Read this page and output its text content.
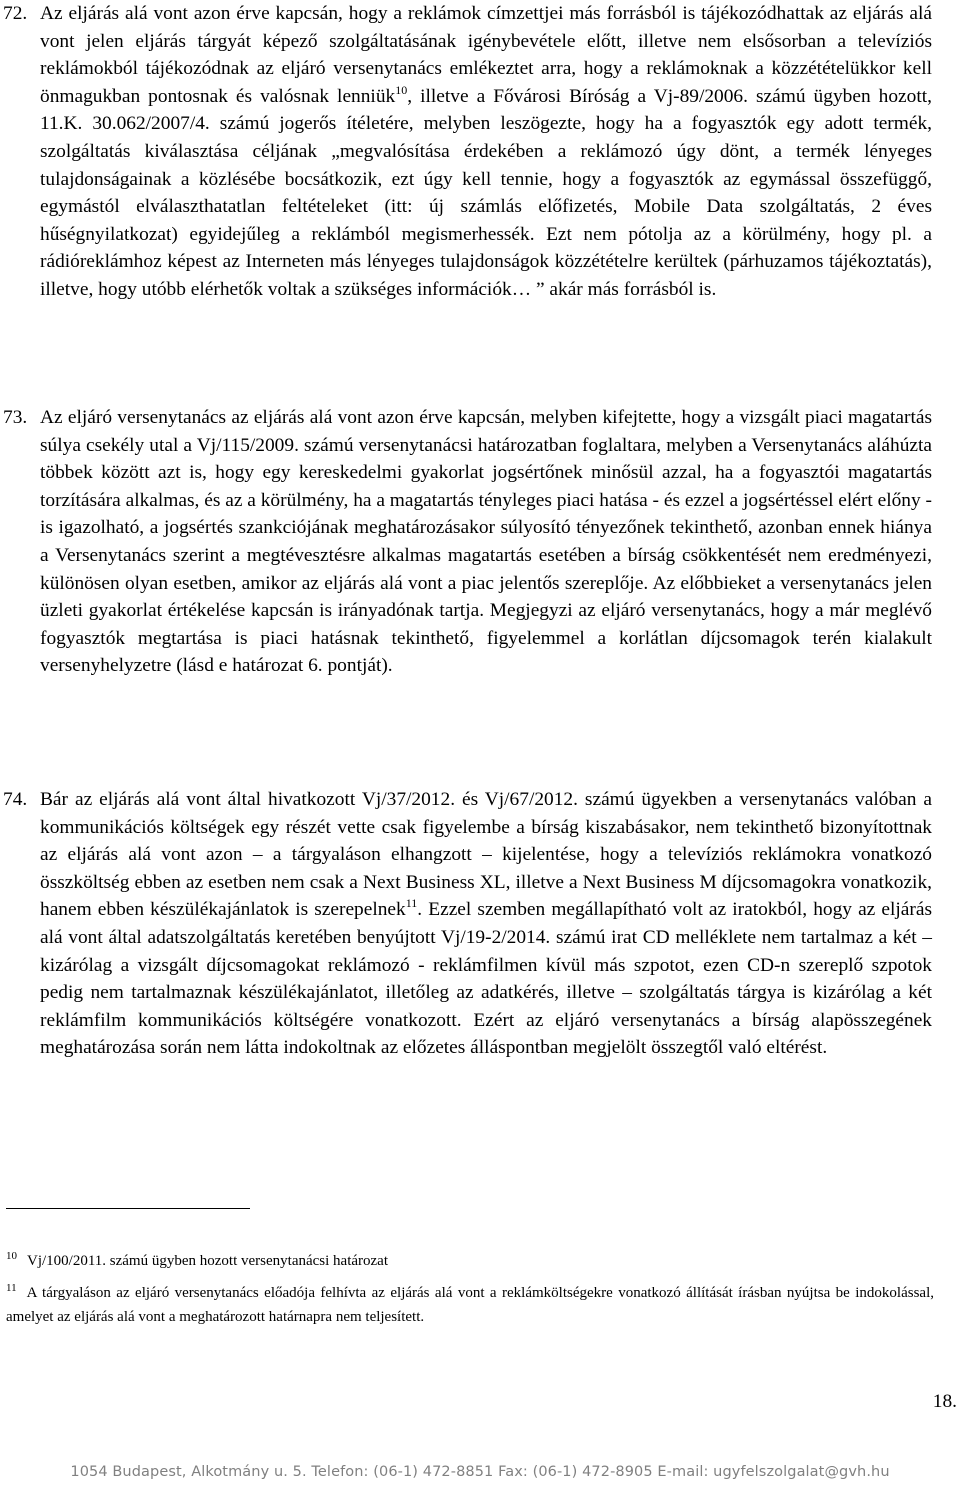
72. Az eljárás alá vont azon érve kapcsán, hogy a reklámok címzettjei más forrásból is tájékozódhattak az eljárás alá vont jelen eljárás tárgyát képező szolgáltatásának igénybevétele előtt, illetve nem elsősorban a televíziós reklámokból tájékozódnak az eljáró versenytanács emlékeztet arra, hogy a reklámoknak a közzétételükkor kell önmagukban pontosnak és valósnak lenniük$^{10}$, illetve a Fővárosi Bíróság a Vj-89/2006. számú ügyben hozott, 11.K. 30.062/2007/4. számú jogerős ítéletére, melyben leszögezte, hogy ha a fogyasztók egy adott termék, szolgáltatás kiválasztása céljának „megvalósítása érdekében a reklámozó úgy dönt, a termék lényeges tulajdonságainak a közlésébe bocsátkozik, ezt úgy kell tennie, hogy a fogyasztók az egymással összefüggő, egymástól elválaszthatatlan feltételeket (itt: új számlás előfizetés, Mobile Data szolgáltatás, 2 éves hűségnyilatkozat) egyidejűleg a reklámból megismerhessék. Ezt nem pótolja az a körülmény, hogy pl. a rádióreklámhoz képest az Interneten más lényeges tulajdonságok közzétételre kerültek (párhuzamos tájékoztatás), illetve, hogy utóbb elérhetők voltak a szükséges információk… ” akár más forrásból is.
73. Az eljáró versenytanács az eljárás alá vont azon érve kapcsán, melyben kifejtette, hogy a vizsgált piaci magatartás súlya csekély utal a Vj/115/2009. számú versenytanácsi határozatban foglaltara, melyben a Versenytanács aláhúzta többek között azt is, hogy egy kereskedelmi gyakorlat jogsértőnek minősül azzal, ha a fogyasztói magatartás torzítására alkalmas, és az a körülmény, ha a magatartás tényleges piaci hatása - és ezzel a jogsértéssel elért előny - is igazolható, a jogsértés szankciójának meghatározásakor súlyosító tényezőnek tekinthető, azonban ennek hiánya a Versenytanács szerint a megtévesztésre alkalmas magatartás esetében a bírság csökkentését nem eredményezi, különösen olyan esetben, amikor az eljárás alá vont a piac jelentős szereplője. Az előbbieket a versenytanács jelen üzleti gyakorlat értékelése kapcsán is irányadónak tartja. Megjegyzi az eljáró versenytanács, hogy a már meglévő fogyasztók megtartása is piaci hatásnak tekinthető, figyelemmel a korlátlan díjcsomagok terén kialakult versenyhelyzetre (lásd e határozat 6. pontját).
74. Bár az eljárás alá vont által hivatkozott Vj/37/2012. és Vj/67/2012. számú ügyekben a versenytanács valóban a kommunikációs költségek egy részét vette csak figyelembe a bírság kiszabásakor, nem tekinthető bizonyítottnak az eljárás alá vont azon – a tárgyaláson elhangzott – kijelentése, hogy a televíziós reklámokra vonatkozó összköltség ebben az esetben nem csak a Next Business XL, illetve a Next Business M díjcsomagokra vonatkozik, hanem ebben készülékajánlatok is szerepelnek$^{11}$. Ezzel szemben megállapítható volt az iratokból, hogy az eljárás alá vont által adatszolgáltatás keretében benyújtott Vj/19-2/2014. számú irat CD melléklete nem tartalmaz a két – kizárólag a vizsgált díjcsomagokat reklámozó - reklámfilmen kívül más szpotot, ezen CD-n szereplő szpotok pedig nem tartalmaznak készülékajánlatot, illetőleg az adatkérés, illetve – szolgáltatás tárgya is kizárólag a két reklámfilm kommunikációs költségére vonatkozott. Ezért az eljáró versenytanács a bírság alapösszegének meghatározása során nem látta indokoltnak az előzetes álláspontban megjelölt összegtől való eltérést.
$^{10}$ Vj/100/2011. számú ügyben hozott versenytanácsi határozat
$^{11}$ A tárgyaláson az eljáró versenytanács előadója felhívta az eljárás alá vont a reklámköltségekre vonatkozó állítását írásban nyújtsa be indokolással, amelyet az eljárás alá vont a meghatározott határnapra nem teljesített.
18.
1054 Budapest, Alkotmány u. 5. Telefon: (06-1) 472-8851 Fax: (06-1) 472-8905 E-mail: ugyfelszolgalat@gvh.hu
